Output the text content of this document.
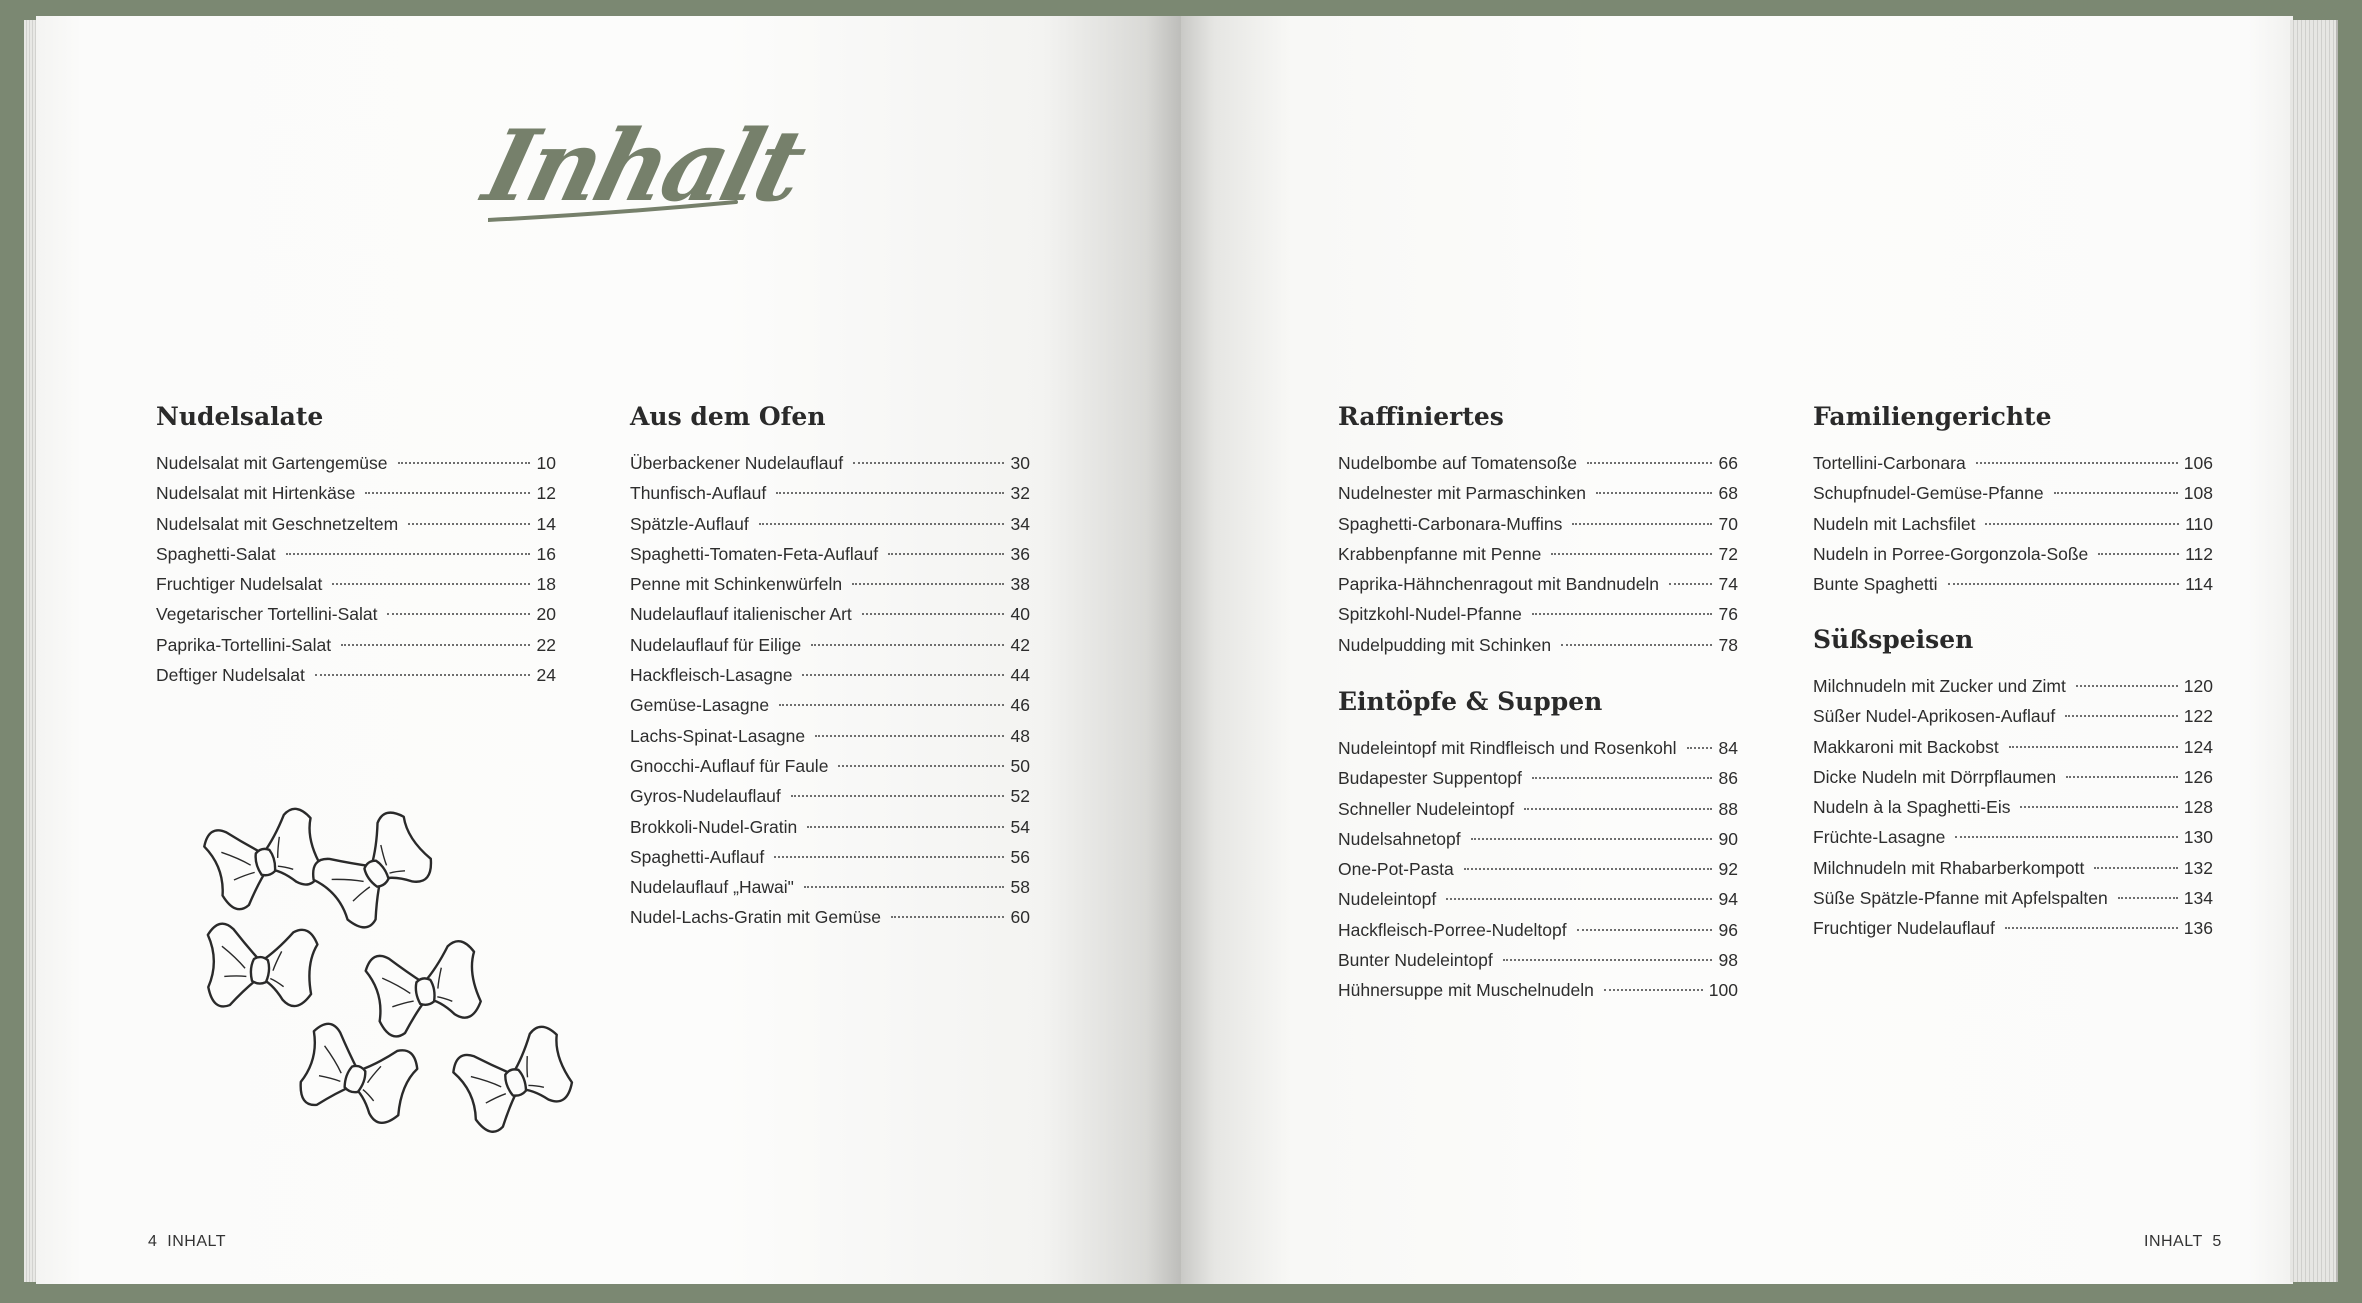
Inhalt
Nudelsalate
Nudelsalat mit Gartengemüse	10
Nudelsalat mit Hirtenkäse	12
Nudelsalat mit Geschnetzeltem	14
Spaghetti-Salat	16
Fruchtiger Nudelsalat	18
Vegetarischer Tortellini-Salat	20
Paprika-Tortellini-Salat	22
Deftiger Nudelsalat	24
Aus dem Ofen
Überbackener Nudelauflauf	30
Thunfisch-Auflauf	32
Spätzle-Auflauf	34
Spaghetti-Tomaten-Feta-Auflauf	36
Penne mit Schinkenwürfeln	38
Nudelauflauf italienischer Art	40
Nudelauflauf für Eilige	42
Hackfleisch-Lasagne	44
Gemüse-Lasagne	46
Lachs-Spinat-Lasagne	48
Gnocchi-Auflauf für Faule	50
Gyros-Nudelauflauf	52
Brokkoli-Nudel-Gratin	54
Spaghetti-Auflauf	56
Nudelauflauf „Hawai"	58
Nudel-Lachs-Gratin mit Gemüse	60
Raffiniertes
Nudelbombe auf Tomatensoße	66
Nudelnester mit Parmaschinken	68
Spaghetti-Carbonara-Muffins	70
Krabbenpfanne mit Penne	72
Paprika-Hähnchenragout mit Bandnudeln	74
Spitzkohl-Nudel-Pfanne	76
Nudelpudding mit Schinken	78
Eintöpfe & Suppen
Nudeleintopf mit Rindfleisch und Rosenkohl 84
Budapester Suppentopf	86
Schneller Nudeleintopf	88
Nudelsahnetopf	90
One-Pot-Pasta	92
Nudeleintopf	94
Hackfleisch-Porree-Nudeltopf	96
Bunter Nudeleintopf	98
Hühnersuppe mit Muschelnudeln	100
Familiengerichte
Tortellini-Carbonara	106
Schupfnudel-Gemüse-Pfanne	108
Nudeln mit Lachsfilet	110
Nudeln in Porree-Gorgonzola-Soße	112
Bunte Spaghetti	114
Süßspeisen
Milchnudeln mit Zucker und Zimt	120
Süßer Nudel-Aprikosen-Auflauf	122
Makkaroni mit Backobst	124
Dicke Nudeln mit Dörrpflaumen	126
Nudeln à la Spaghetti-Eis	128
Früchte-Lasagne	130
Milchnudeln mit Rhabarberkompott	132
Süße Spätzle-Pfanne mit Apfelspalten	134
Fruchtiger Nudelauflauf	136
4  INHALT	INHALT  5
